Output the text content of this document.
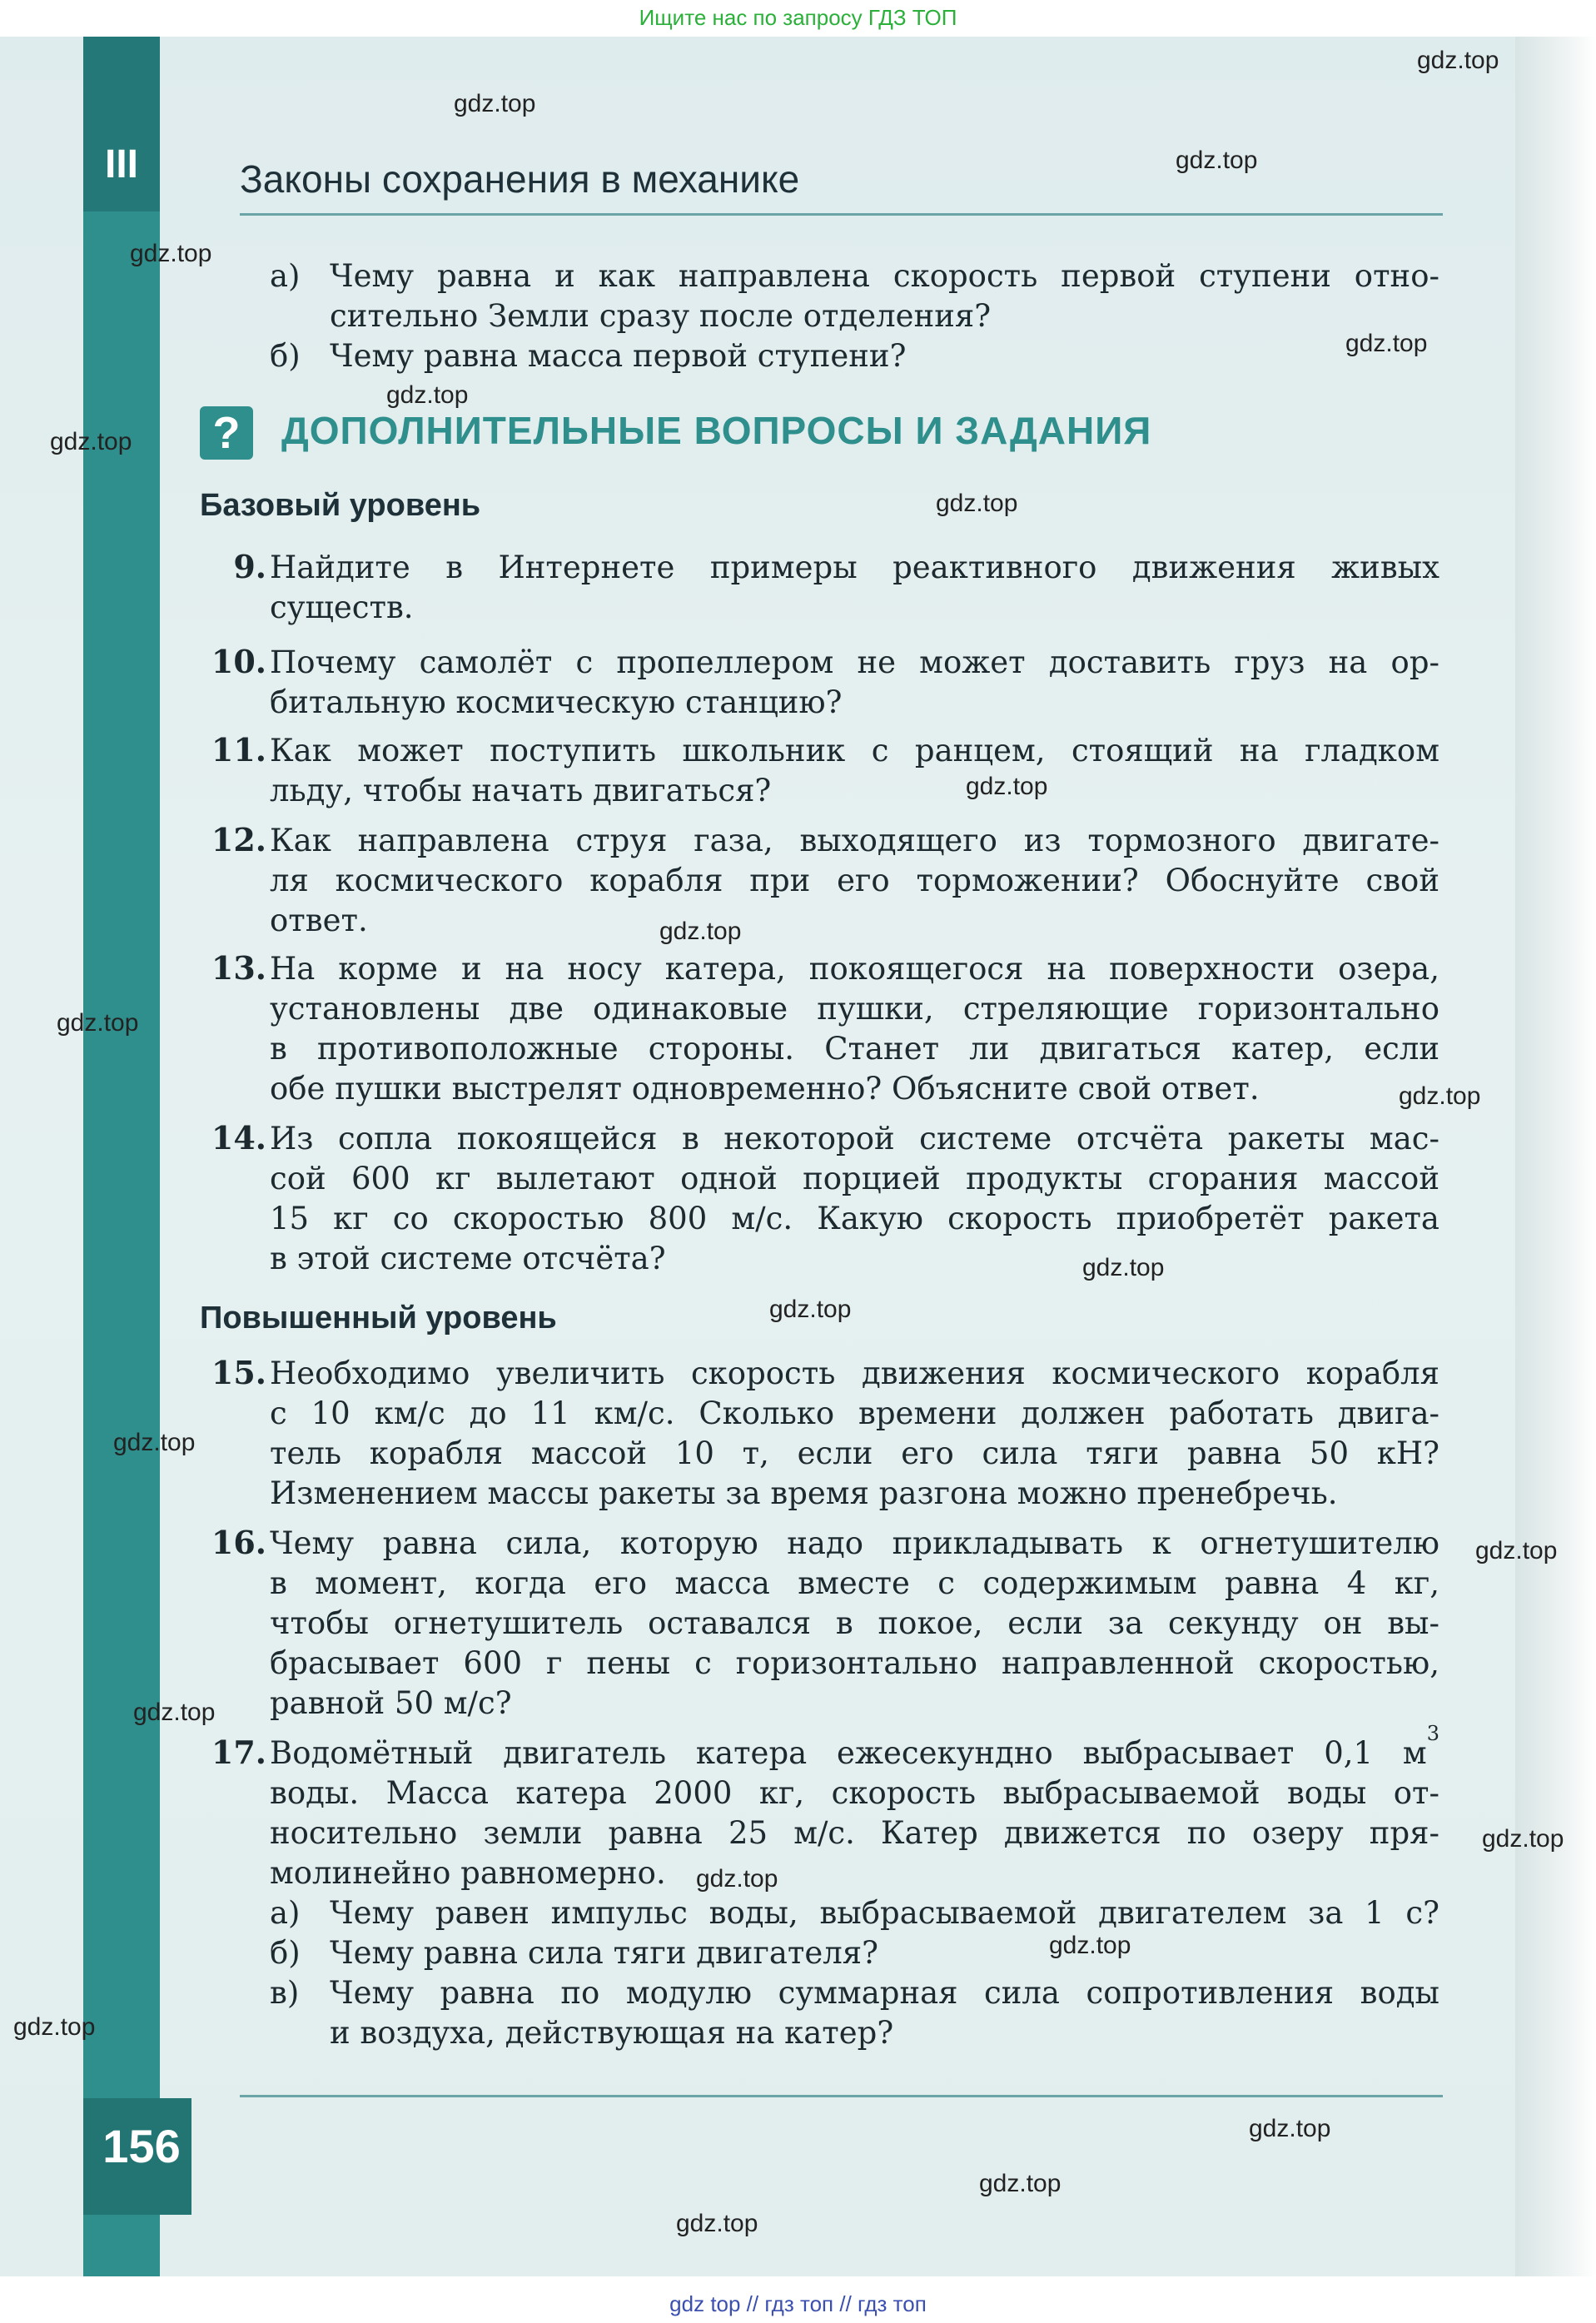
Ищите нас по запросу ГДЗ ТОП
III	Законы сохранения в механике
а) Чему равна и как направлена скорость первой ступени отно-
сительно Земли сразу после отделения?
б) Чему равна масса первой ступени?
?	ДОПОЛНИТЕЛЬНЫЕ ВОПРОСЫ И ЗАДАНИЯ
Базовый уровень
9. Найдите в Интернете примеры реактивного движения живых
существ.
10. Почему самолёт с пропеллером не может доставить груз на ор-
битальную космическую станцию?
11. Как может поступить школьник с ранцем, стоящий на гладком
льду, чтобы начать двигаться?
12. Как направлена струя газа, выходящего из тормозного двигате-
ля космического корабля при его торможении? Обоснуйте свой
ответ.
13. На корме и на носу катера, покоящегося на поверхности озера,
установлены две одинаковые пушки, стреляющие горизонтально
в противоположные стороны. Станет ли двигаться катер, если
обе пушки выстрелят одновременно? Объясните свой ответ.
14. Из сопла покоящейся в некоторой системе отсчёта ракеты мас-
сой 600 кг вылетают одной порцией продукты сгорания массой
15 кг со скоростью 800 м/с. Какую скорость приобретёт ракета
в этой системе отсчёта?
Повышенный уровень
15. Необходимо увеличить скорость движения космического корабля
с 10 км/с до 11 км/с. Сколько времени должен работать двига-
тель корабля массой 10 т, если его сила тяги равна 50 кН?
Изменением массы ракеты за время разгона можно пренебречь.
16. Чему равна сила, которую надо прикладывать к огнетушителю
в момент, когда его масса вместе с содержимым равна 4 кг,
чтобы огнетушитель оставался в покое, если за секунду он вы-
брасывает 600 г пены с горизонтально направленной скоростью,
равной 50 м/с?
17. Водомётный двигатель катера ежесекундно выбрасывает 0,1 м
3
воды. Масса катера 2000 кг, скорость выбрасываемой воды от-
носительно земли равна 25 м/с. Катер движется по озеру пря-
молинейно равномерно.
а) Чему равен импульс воды, выбрасываемой двигателем за 1 с?
б) Чему равна сила тяги двигателя?
в) Чему равна по модулю суммарная сила сопротивления воды
и воздуха, действующая на катер?
156
gdz.top
gdz.top
gdz.top
gdz.top
gdz.top
gdz.top
gdz.top
gdz.top
gdz.top
gdz.top
gdz.top
gdz.top
gdz.top
gdz.top
gdz.top
gdz.top
gdz.top
gdz.top
gdz.top
gdz.top
gdz.top
gdz.top
gdz.top
gdz.top
gdz top // гдз топ // гдз топ
